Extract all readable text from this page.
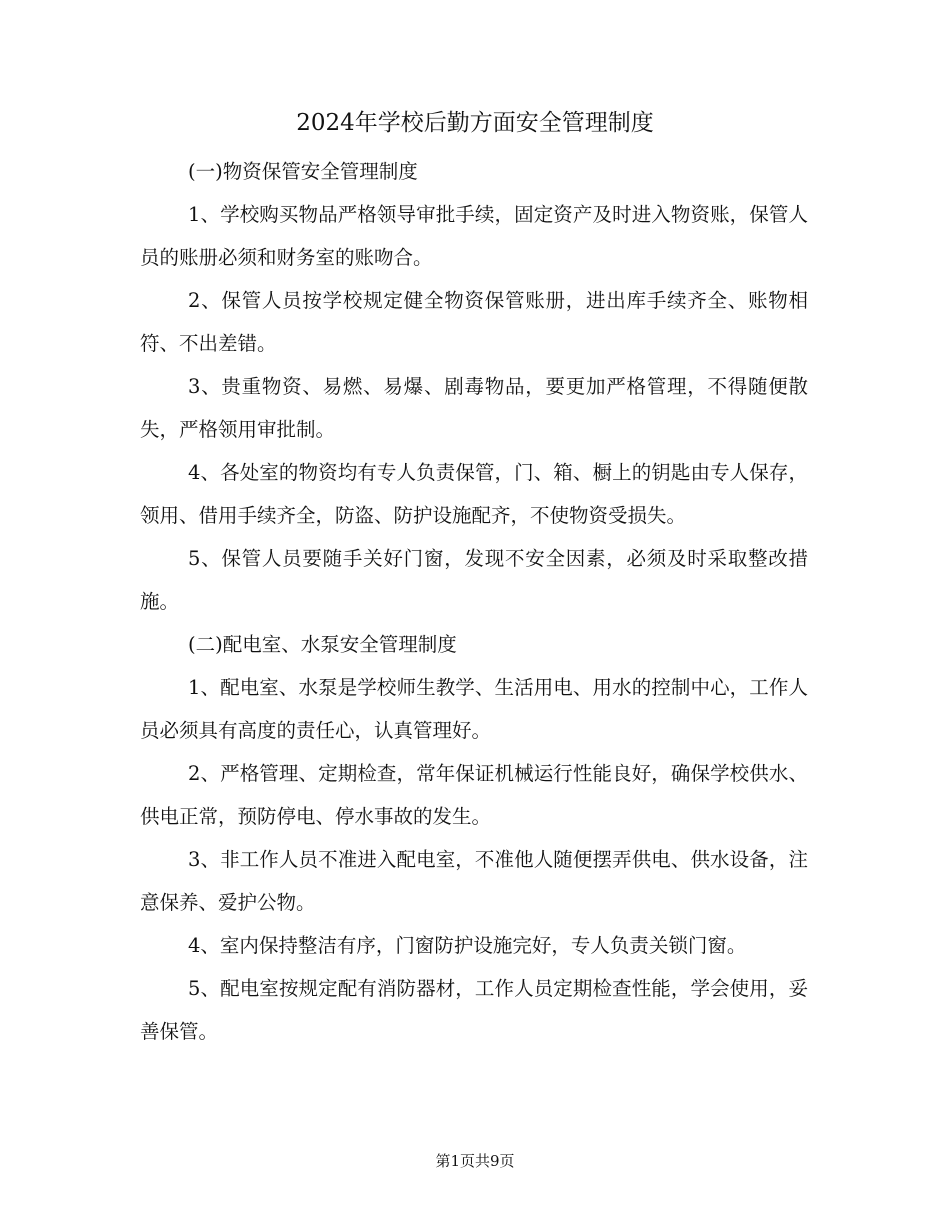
2024年学校后勤方面安全管理制度

(一)物资保管安全管理制度

1、学校购买物品严格领导审批手续，固定资产及时进入物资账，保管人员的账册必须和财务室的账吻合。

2、保管人员按学校规定健全物资保管账册，进出库手续齐全、账物相符、不出差错。

3、贵重物资、易燃、易爆、剧毒物品，要更加严格管理，不得随便散失，严格领用审批制。

4、各处室的物资均有专人负责保管，门、箱、橱上的钥匙由专人保存，领用、借用手续齐全，防盗、防护设施配齐，不使物资受损失。

5、保管人员要随手关好门窗，发现不安全因素，必须及时采取整改措施。

(二)配电室、水泵安全管理制度

1、配电室、水泵是学校师生教学、生活用电、用水的控制中心，工作人员必须具有高度的责任心，认真管理好。

2、严格管理、定期检查，常年保证机械运行性能良好，确保学校供水、供电正常，预防停电、停水事故的发生。

3、非工作人员不准进入配电室，不准他人随便摆弄供电、供水设备，注意保养、爱护公物。

4、室内保持整洁有序，门窗防护设施完好，专人负责关锁门窗。

5、配电室按规定配有消防器材，工作人员定期检查性能，学会使用，妥善保管。

第1页共9页
